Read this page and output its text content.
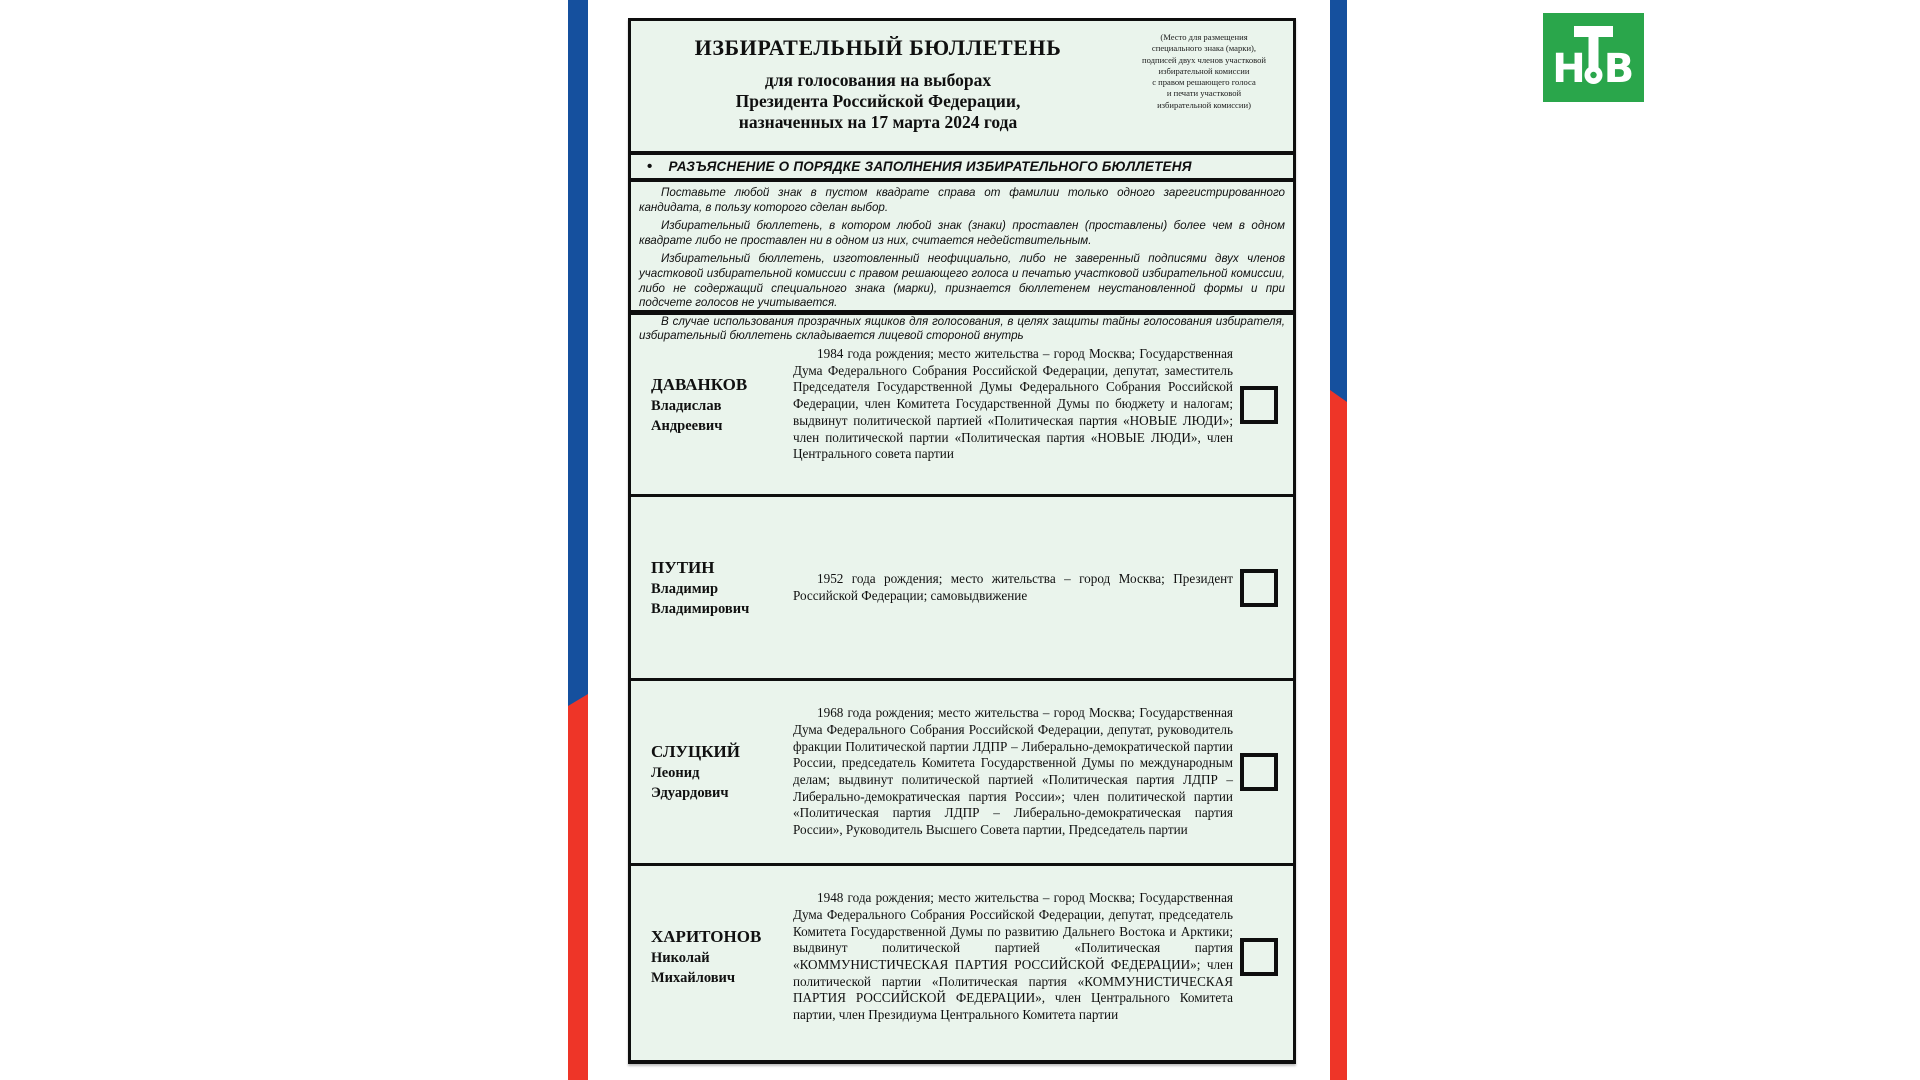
Н В
ИЗБИРАТЕЛЬНЫЙ БЮЛЛЕТЕНЬ
для голосования на выборах
Президента Российской Федерации,
назначенных на 17 марта 2024 года
(Место для размещения
специального знака (марки),
подписей двух членов участковой
избирательной комиссии
с правом решающего голоса
и печати участковой
избирательной комиссии)
• РАЗЪЯСНЕНИЕ О ПОРЯДКЕ ЗАПОЛНЕНИЯ ИЗБИРАТЕЛЬНОГО БЮЛЛЕТЕНЯ

Поставьте любой знак в пустом квадрате справа от фамилии только одного зарегистрированного кандидата, в пользу которого сделан выбор.

Избирательный бюллетень, в котором любой знак (знаки) проставлен (проставлены) более чем в одном квадрате либо не проставлен ни в одном из них, считается недействительным.

Избирательный бюллетень, изготовленный неофициально, либо не заверенный подписями двух членов участковой избирательной комиссии с правом решающего голоса и печатью участковой избирательной комиссии, либо не содержащий специального знака (марки), признается бюллетенем неустановленной формы и при подсчете голосов не учитывается.

В случае использования прозрачных ящиков для голосования, в целях защиты тайны голосования избирателя, избирательный бюллетень складывается лицевой стороной внутрь

ДАВАНКОВ
Владислав
Андреевич
1984 года рождения; место жительства – город Москва; Государственная Дума Федерального Собрания Российской Федерации, депутат, заместитель Председателя Государственной Думы Федерального Собрания Российской Федерации, член Комитета Государственной Думы по бюджету и налогам; выдвинут политической партией «Политическая партия «НОВЫЕ ЛЮДИ»; член политической партии «Политическая партия «НОВЫЕ ЛЮДИ», член Центрального совета партии
ПУТИН
Владимир
Владимирович
1952 года рождения; место жительства – город Москва; Президент Российской Федерации; самовыдвижение
СЛУЦКИЙ
Леонид
Эдуардович
1968 года рождения; место жительства – город Москва; Государственная Дума Федерального Собрания Российской Федерации, депутат, руководитель фракции Политической партии ЛДПР – Либерально-демократической партии России, председатель Комитета Государственной Думы по международным делам; выдвинут политической партией «Политическая партия ЛДПР – Либерально-демократическая партия России»; член политической партии «Политическая партия ЛДПР – Либерально-демократическая партия России», Руководитель Высшего Совета партии, Председатель партии
ХАРИТОНОВ
Николай
Михайлович
1948 года рождения; место жительства – город Москва; Государственная Дума Федерального Собрания Российской Федерации, депутат, председатель Комитета Государственной Думы по развитию Дальнего Востока и Арктики; выдвинут политической партией «Политическая партия «КОММУНИСТИЧЕСКАЯ ПАРТИЯ РОССИЙСКОЙ ФЕДЕРАЦИИ»; член политической партии «Политическая партия «КОММУНИСТИЧЕСКАЯ ПАРТИЯ РОССИЙСКОЙ ФЕДЕРАЦИИ», член Центрального Комитета партии, член Президиума Центрального Комитета партии
